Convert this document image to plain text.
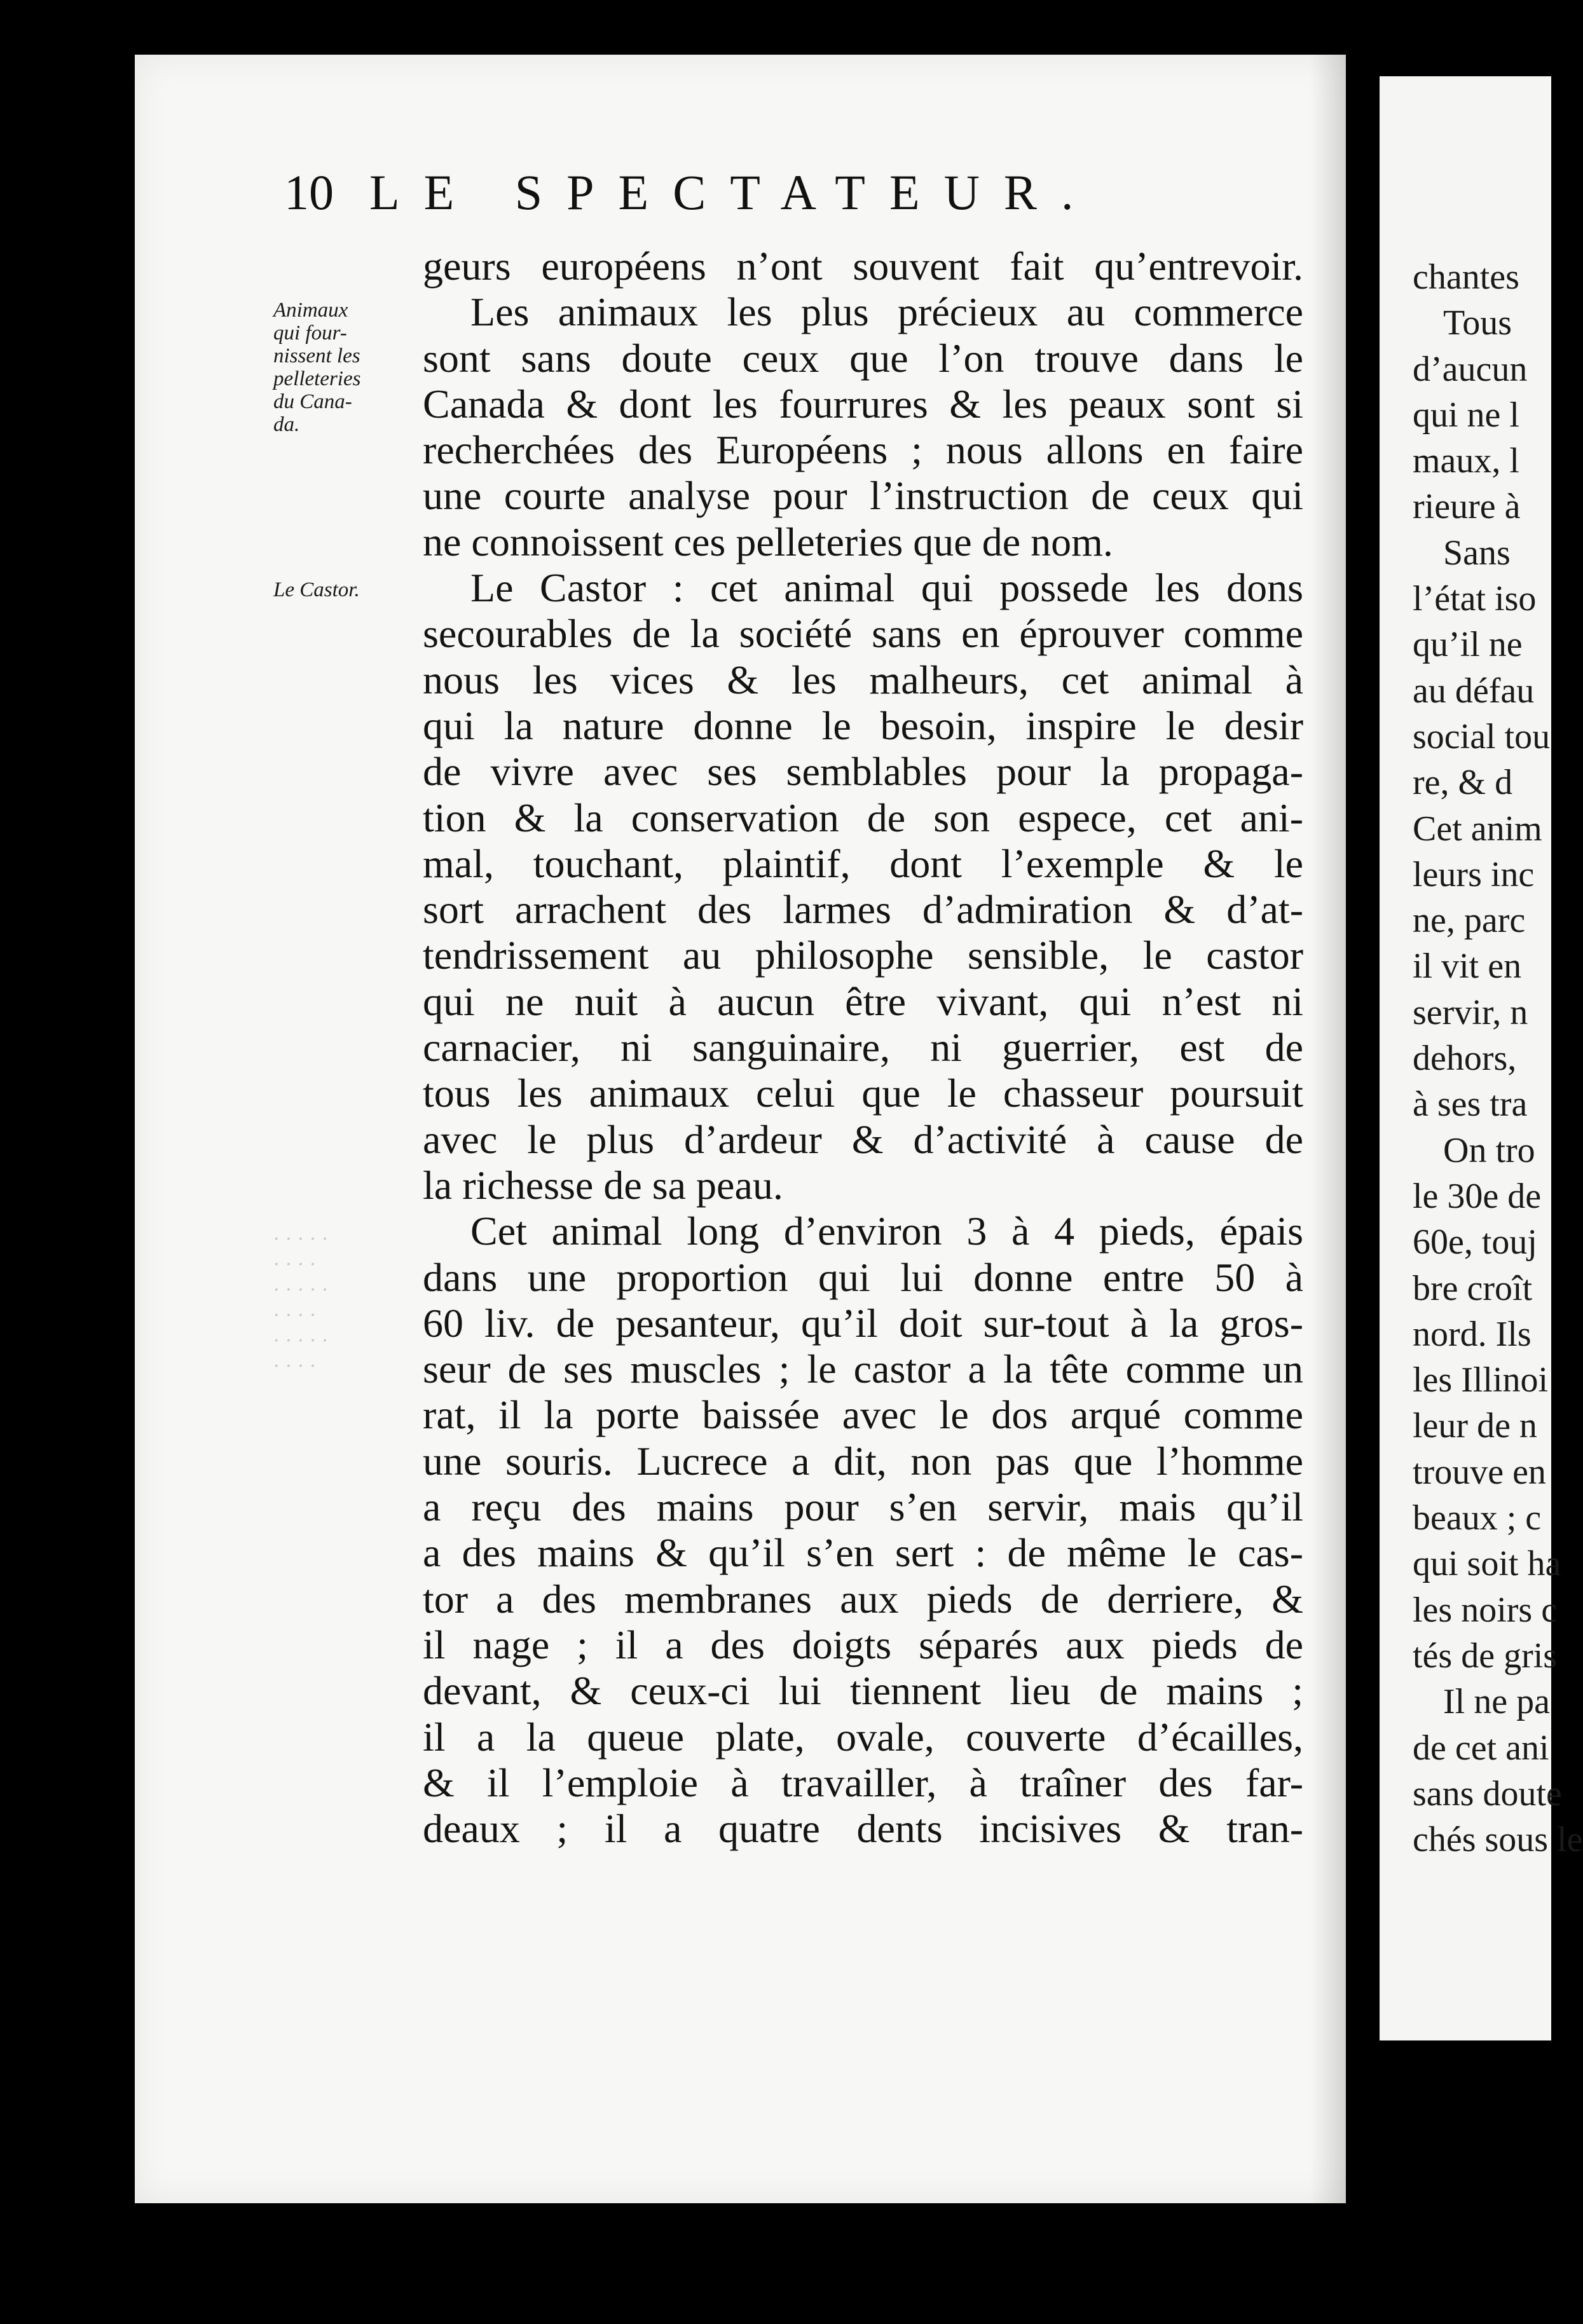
10 LE SPECTATEUR.
Animaux
qui four-
nissent les
pelleteries
du Cana-
da.
Le Castor.
· · · · ·
· · · ·
· · · · ·
· · · ·
· · · · ·
· · · ·
geurs européens n’ont souvent fait qu’entrevoir.
Les animaux les plus précieux au commerce
sont sans doute ceux que l’on trouve dans le
Canada & dont les fourrures & les peaux sont si
recherchées des Européens ; nous allons en faire
une courte analyse pour l’instruction de ceux qui
ne connoissent ces pelleteries que de nom.
Le Castor : cet animal qui possede les dons
secourables de la société sans en éprouver comme
nous les vices & les malheurs, cet animal à
qui la nature donne le besoin, inspire le desir
de vivre avec ses semblables pour la propaga-
tion & la conservation de son espece, cet ani-
mal, touchant, plaintif, dont l’exemple & le
sort arrachent des larmes d’admiration & d’at-
tendrissement au philosophe sensible, le castor
qui ne nuit à aucun être vivant, qui n’est ni
carnacier, ni sanguinaire, ni guerrier, est de
tous les animaux celui que le chasseur poursuit
avec le plus d’ardeur & d’activité à cause de
la richesse de sa peau.
Cet animal long d’environ 3 à 4 pieds, épais
dans une proportion qui lui donne entre 50 à
60 liv. de pesanteur, qu’il doit sur-tout à la gros-
seur de ses muscles ; le castor a la tête comme un
rat, il la porte baissée avec le dos arqué comme
une souris. Lucrece a dit, non pas que l’homme
a reçu des mains pour s’en servir, mais qu’il
a des mains & qu’il s’en sert : de même le cas-
tor a des membranes aux pieds de derriere, &
il nage ; il a des doigts séparés aux pieds de
devant, & ceux-ci lui tiennent lieu de mains ;
il a la queue plate, ovale, couverte d’écailles,
& il l’emploie à travailler, à traîner des far-
deaux ; il a quatre dents incisives & tran-
chantes
Tous
d’aucun
qui ne l
maux, l
rieure à
Sans
l’état iso
qu’il ne
au défau
social tou
re, & d
Cet anim
leurs inc
ne, parc
il vit en
servir, n
dehors,
à ses tra
On tro
le 30e de
60e, touj
bre croît
nord. Ils
les Illinoi
leur de n
trouve en
beaux ; c
qui soit ha
les noirs c
tés de gris
Il ne pa
de cet ani
sans doute
chés sous le
